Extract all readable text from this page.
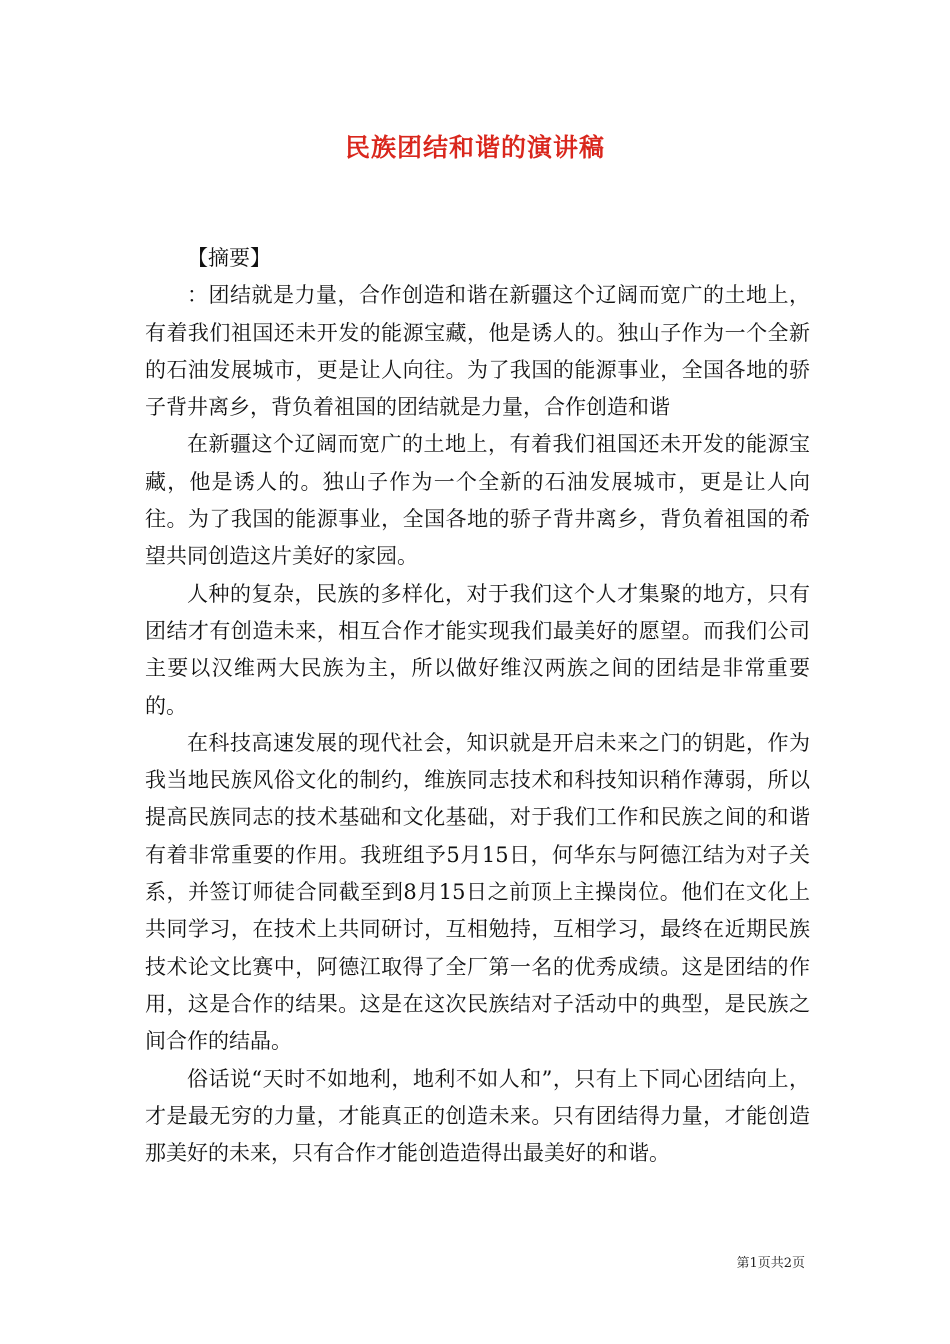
民族团结和谐的演讲稿

【摘要】

：团结就是力量，合作创造和谐在新疆这个辽阔而宽广的土地上，有着我们祖国还未开发的能源宝藏，他是诱人的。独山子作为一个全新的石油发展城市，更是让人向往。为了我国的能源事业，全国各地的骄子背井离乡，背负着祖国的团结就是力量，合作创造和谐

在新疆这个辽阔而宽广的土地上，有着我们祖国还未开发的能源宝藏，他是诱人的。独山子作为一个全新的石油发展城市，更是让人向往。为了我国的能源事业，全国各地的骄子背井离乡，背负着祖国的希望共同创造这片美好的家园。

人种的复杂，民族的多样化，对于我们这个人才集聚的地方，只有团结才有创造未来，相互合作才能实现我们最美好的愿望。而我们公司主要以汉维两大民族为主，所以做好维汉两族之间的团结是非常重要的。

在科技高速发展的现代社会，知识就是开启未来之门的钥匙，作为我当地民族风俗文化的制约，维族同志技术和科技知识稍作薄弱，所以提高民族同志的技术基础和文化基础，对于我们工作和民族之间的和谐有着非常重要的作用。我班组予5月15日，何华东与阿德江结为对子关系，并签订师徒合同截至到8月15日之前顶上主操岗位。他们在文化上共同学习，在技术上共同研讨，互相勉持，互相学习，最终在近期民族技术论文比赛中，阿德江取得了全厂第一名的优秀成绩。这是团结的作用，这是合作的结果。这是在这次民族结对子活动中的典型，是民族之间合作的结晶。

俗话说“天时不如地利，地利不如人和”，只有上下同心团结向上，才是最无穷的力量，才能真正的创造未来。只有团结得力量，才能创造那美好的未来，只有合作才能创造造得出最美好的和谐。

第1页共2页
